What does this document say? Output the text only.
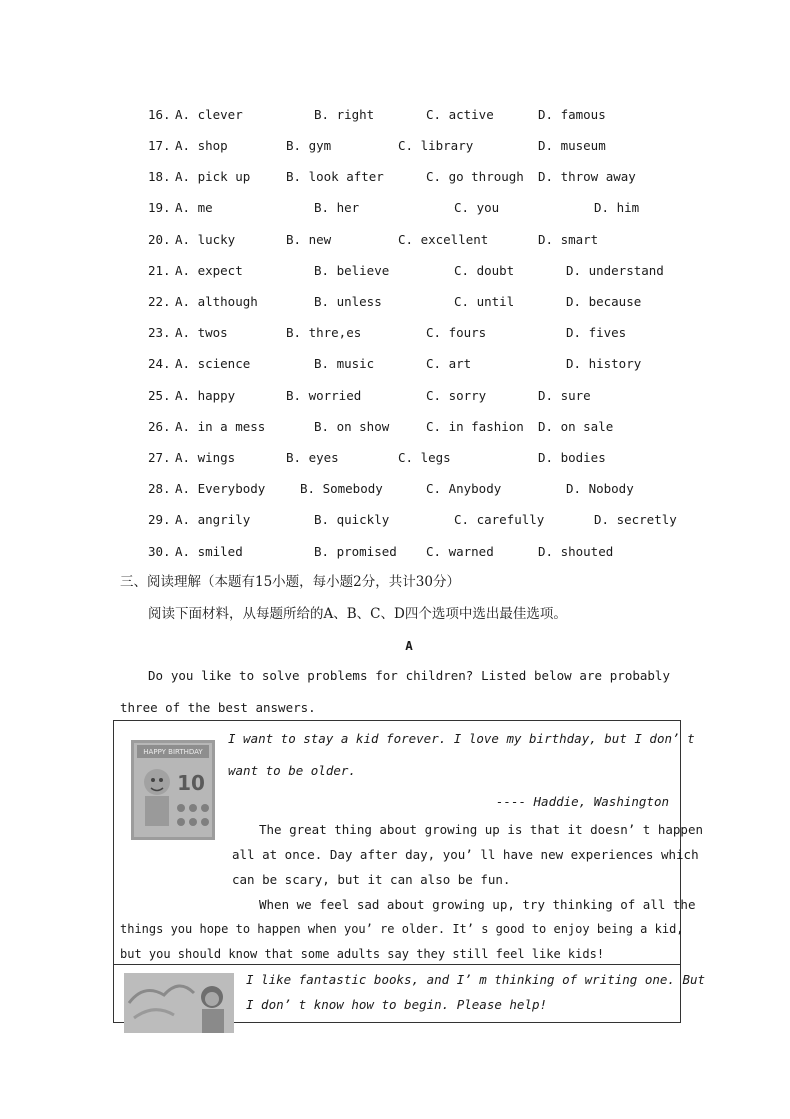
16. A. clever	B. right	C. active	D. famous
17. A. shop	B. gym	C. library	D. museum
18. A. pick up	B. look after	C. go through D. throw away
19. A. me	B. her	C. you	D. him
20. A. lucky	B. new	C. excellent	D. smart
21. A. expect	B. believe	C. doubt	D. understand
22. A. although	B. unless	C. until	D. because
23. A. twos	B. thre,es	C. fours	D. fives
24. A. science	B. music	C. art	D. history
25. A. happy	B. worried	C. sorry	D. sure
26. A. in a mess	B. on show	C. in fashion D. on sale
27. A. wings	B. eyes	C. legs	D. bodies
28. A. Everybody	B. Somebody	C. Anybody	D. Nobody
29. A. angrily	B. quickly	C. carefully	D. secretly
30. A. smiled	B. promised C. warned	D. shouted
三、阅读理解（本题有15小题，每小题2分，共计30分）
阅读下面材料，从每题所给的A、B、C、D四个选项中选出最佳选项。
A
Do you like to solve problems for children? Listed below are probably
three of the best answers.
HAPPY BIRTHDAY
10
I want to stay a kid forever. I love my birthday, but I don’ t
want to be older.
---- Haddie, Washington
The great thing about growing up is that it doesn’ t happen
all at once. Day after day, you’ ll have new experiences which
can be scary, but it can also be fun.
When we feel sad about growing up, try thinking of all the
things you hope to happen when you’ re older. It’ s good to enjoy being a kid,
but you should know that some adults say they still feel like kids!
I like fantastic books, and I’ m thinking of writing one. But
I don’ t know how to begin. Please help!
